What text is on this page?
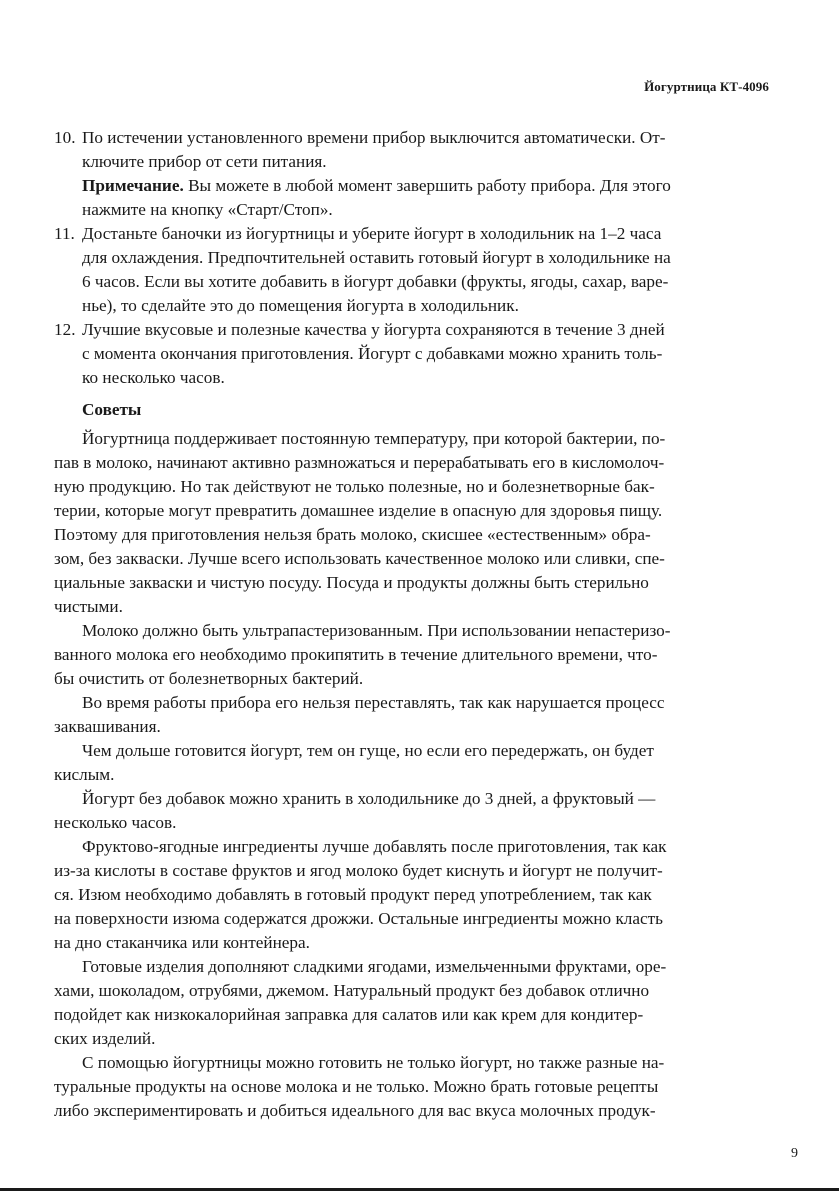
Йогуртница КТ-4096
10. По истечении установленного времени прибор выключится автоматически. От-
ключите прибор от сети питания.
Примечание. Вы можете в любой момент завершить работу прибора. Для этого
нажмите на кнопку «Старт/Стоп».
11. Достаньте баночки из йогуртницы и уберите йогурт в холодильник на 1–2 часа
для охлаждения. Предпочтительней оставить готовый йогурт в холодильнике на
6 часов. Если вы хотите добавить в йогурт добавки (фрукты, ягоды, сахар, варе-
нье), то сделайте это до помещения йогурта в холодильник.
12. Лучшие вкусовые и полезные качества у йогурта сохраняются в течение 3 дней
с момента окончания приготовления. Йогурт с добавками можно хранить толь-
ко несколько часов.
Советы
Йогуртница поддерживает постоянную температуру, при которой бактерии, по-
пав в молоко, начинают активно размножаться и перерабатывать его в кисломолоч-
ную продукцию. Но так действуют не только полезные, но и болезнетворные бак-
терии, которые могут превратить домашнее изделие в опасную для здоровья пищу.
Поэтому для приготовления нельзя брать молоко, скисшее «естественным» обра-
зом, без закваски. Лучше всего использовать качественное молоко или сливки, спе-
циальные закваски и чистую посуду. Посуда и продукты должны быть стерильно
чистыми.
Молоко должно быть ультрапастеризованным. При использовании непастеризо-
ванного молока его необходимо прокипятить в течение длительного времени, что-
бы очистить от болезнетворных бактерий.
Во время работы прибора его нельзя переставлять, так как нарушается процесс
заквашивания.
Чем дольше готовится йогурт, тем он гуще, но если его передержать, он будет
кислым.
Йогурт без добавок можно хранить в холодильнике до 3 дней, а фруктовый —
несколько часов.
Фруктово-ягодные ингредиенты лучше добавлять после приготовления, так как
из-за кислоты в составе фруктов и ягод молоко будет киснуть и йогурт не получит-
ся. Изюм необходимо добавлять в готовый продукт перед употреблением, так как
на поверхности изюма содержатся дрожжи. Остальные ингредиенты можно класть
на дно стаканчика или контейнера.
Готовые изделия дополняют сладкими ягодами, измельченными фруктами, оре-
хами, шоколадом, отрубями, джемом. Натуральный продукт без добавок отлично
подойдет как низкокалорийная заправка для салатов или как крем для кондитер-
ских изделий.
С помощью йогуртницы можно готовить не только йогурт, но также разные на-
туральные продукты на основе молока и не только. Можно брать готовые рецепты
либо экспериментировать и добиться идеального для вас вкуса молочных продук-
9
